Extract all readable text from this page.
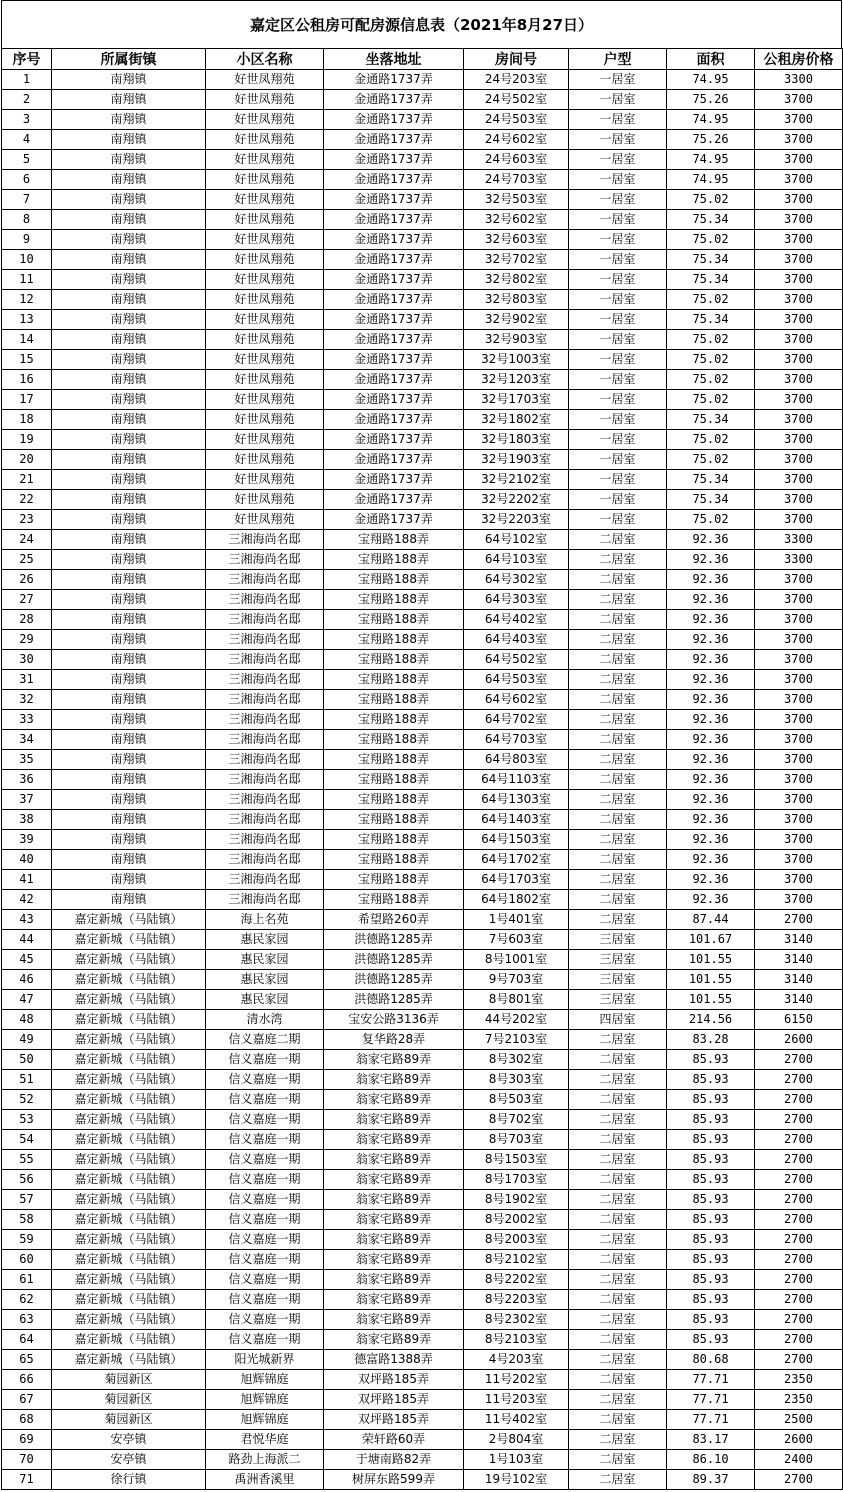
嘉定区公租房可配房源信息表（2021年8月27日）
序号	所属街镇	小区名称	坐落地址	房间号	户型	面积	公租房价格
1	南翔镇	好世凤翔苑	金通路1737弄	24号203室	一居室	74.95	3300
2	南翔镇	好世凤翔苑	金通路1737弄	24号502室	一居室	75.26	3700
3	南翔镇	好世凤翔苑	金通路1737弄	24号503室	一居室	74.95	3700
4	南翔镇	好世凤翔苑	金通路1737弄	24号602室	一居室	75.26	3700
5	南翔镇	好世凤翔苑	金通路1737弄	24号603室	一居室	74.95	3700
6	南翔镇	好世凤翔苑	金通路1737弄	24号703室	一居室	74.95	3700
7	南翔镇	好世凤翔苑	金通路1737弄	32号503室	一居室	75.02	3700
8	南翔镇	好世凤翔苑	金通路1737弄	32号602室	一居室	75.34	3700
9	南翔镇	好世凤翔苑	金通路1737弄	32号603室	一居室	75.02	3700
10	南翔镇	好世凤翔苑	金通路1737弄	32号702室	一居室	75.34	3700
11	南翔镇	好世凤翔苑	金通路1737弄	32号802室	一居室	75.34	3700
12	南翔镇	好世凤翔苑	金通路1737弄	32号803室	一居室	75.02	3700
13	南翔镇	好世凤翔苑	金通路1737弄	32号902室	一居室	75.34	3700
14	南翔镇	好世凤翔苑	金通路1737弄	32号903室	一居室	75.02	3700
15	南翔镇	好世凤翔苑	金通路1737弄	32号1003室	一居室	75.02	3700
16	南翔镇	好世凤翔苑	金通路1737弄	32号1203室	一居室	75.02	3700
17	南翔镇	好世凤翔苑	金通路1737弄	32号1703室	一居室	75.02	3700
18	南翔镇	好世凤翔苑	金通路1737弄	32号1802室	一居室	75.34	3700
19	南翔镇	好世凤翔苑	金通路1737弄	32号1803室	一居室	75.02	3700
20	南翔镇	好世凤翔苑	金通路1737弄	32号1903室	一居室	75.02	3700
21	南翔镇	好世凤翔苑	金通路1737弄	32号2102室	一居室	75.34	3700
22	南翔镇	好世凤翔苑	金通路1737弄	32号2202室	一居室	75.34	3700
23	南翔镇	好世凤翔苑	金通路1737弄	32号2203室	一居室	75.02	3700
24	南翔镇	三湘海尚名邸	宝翔路188弄	64号102室	二居室	92.36	3300
25	南翔镇	三湘海尚名邸	宝翔路188弄	64号103室	二居室	92.36	3300
26	南翔镇	三湘海尚名邸	宝翔路188弄	64号302室	二居室	92.36	3700
27	南翔镇	三湘海尚名邸	宝翔路188弄	64号303室	二居室	92.36	3700
28	南翔镇	三湘海尚名邸	宝翔路188弄	64号402室	二居室	92.36	3700
29	南翔镇	三湘海尚名邸	宝翔路188弄	64号403室	二居室	92.36	3700
30	南翔镇	三湘海尚名邸	宝翔路188弄	64号502室	二居室	92.36	3700
31	南翔镇	三湘海尚名邸	宝翔路188弄	64号503室	二居室	92.36	3700
32	南翔镇	三湘海尚名邸	宝翔路188弄	64号602室	二居室	92.36	3700
33	南翔镇	三湘海尚名邸	宝翔路188弄	64号702室	二居室	92.36	3700
34	南翔镇	三湘海尚名邸	宝翔路188弄	64号703室	二居室	92.36	3700
35	南翔镇	三湘海尚名邸	宝翔路188弄	64号803室	二居室	92.36	3700
36	南翔镇	三湘海尚名邸	宝翔路188弄	64号1103室	二居室	92.36	3700
37	南翔镇	三湘海尚名邸	宝翔路188弄	64号1303室	二居室	92.36	3700
38	南翔镇	三湘海尚名邸	宝翔路188弄	64号1403室	二居室	92.36	3700
39	南翔镇	三湘海尚名邸	宝翔路188弄	64号1503室	二居室	92.36	3700
40	南翔镇	三湘海尚名邸	宝翔路188弄	64号1702室	二居室	92.36	3700
41	南翔镇	三湘海尚名邸	宝翔路188弄	64号1703室	二居室	92.36	3700
42	南翔镇	三湘海尚名邸	宝翔路188弄	64号1802室	二居室	92.36	3700
43	嘉定新城（马陆镇）	海上名苑	希望路260弄	1号401室	二居室	87.44	2700
44	嘉定新城（马陆镇）	惠民家园	洪德路1285弄	7号603室	三居室	101.67	3140
45	嘉定新城（马陆镇）	惠民家园	洪德路1285弄	8号1001室	三居室	101.55	3140
46	嘉定新城（马陆镇）	惠民家园	洪德路1285弄	9号703室	三居室	101.55	3140
47	嘉定新城（马陆镇）	惠民家园	洪德路1285弄	8号801室	三居室	101.55	3140
48	嘉定新城（马陆镇）	清水湾	宝安公路3136弄	44号202室	四居室	214.56	6150
49	嘉定新城（马陆镇）	信义嘉庭二期	复华路28弄	7号2103室	二居室	83.28	2600
50	嘉定新城（马陆镇）	信义嘉庭一期	翁家宅路89弄	8号302室	二居室	85.93	2700
51	嘉定新城（马陆镇）	信义嘉庭一期	翁家宅路89弄	8号303室	二居室	85.93	2700
52	嘉定新城（马陆镇）	信义嘉庭一期	翁家宅路89弄	8号503室	二居室	85.93	2700
53	嘉定新城（马陆镇）	信义嘉庭一期	翁家宅路89弄	8号702室	二居室	85.93	2700
54	嘉定新城（马陆镇）	信义嘉庭一期	翁家宅路89弄	8号703室	二居室	85.93	2700
55	嘉定新城（马陆镇）	信义嘉庭一期	翁家宅路89弄	8号1503室	二居室	85.93	2700
56	嘉定新城（马陆镇）	信义嘉庭一期	翁家宅路89弄	8号1703室	二居室	85.93	2700
57	嘉定新城（马陆镇）	信义嘉庭一期	翁家宅路89弄	8号1902室	二居室	85.93	2700
58	嘉定新城（马陆镇）	信义嘉庭一期	翁家宅路89弄	8号2002室	二居室	85.93	2700
59	嘉定新城（马陆镇）	信义嘉庭一期	翁家宅路89弄	8号2003室	二居室	85.93	2700
60	嘉定新城（马陆镇）	信义嘉庭一期	翁家宅路89弄	8号2102室	二居室	85.93	2700
61	嘉定新城（马陆镇）	信义嘉庭一期	翁家宅路89弄	8号2202室	二居室	85.93	2700
62	嘉定新城（马陆镇）	信义嘉庭一期	翁家宅路89弄	8号2203室	二居室	85.93	2700
63	嘉定新城（马陆镇）	信义嘉庭一期	翁家宅路89弄	8号2302室	二居室	85.93	2700
64	嘉定新城（马陆镇）	信义嘉庭一期	翁家宅路89弄	8号2103室	二居室	85.93	2700
65	嘉定新城（马陆镇）	阳光城新界	德富路1388弄	4号203室	二居室	80.68	2700
66	菊园新区	旭辉锦庭	双坪路185弄	11号202室	二居室	77.71	2350
67	菊园新区	旭辉锦庭	双坪路185弄	11号203室	二居室	77.71	2350
68	菊园新区	旭辉锦庭	双坪路185弄	11号402室	二居室	77.71	2500
69	安亭镇	君悦华庭	荣轩路60弄	2号804室	二居室	83.17	2600
70	安亭镇	路劲上海派二	于塘南路82弄	1号103室	二居室	86.10	2400
71	徐行镇	禹洲香溪里	树屏东路599弄	19号102室	二居室	89.37	2700
